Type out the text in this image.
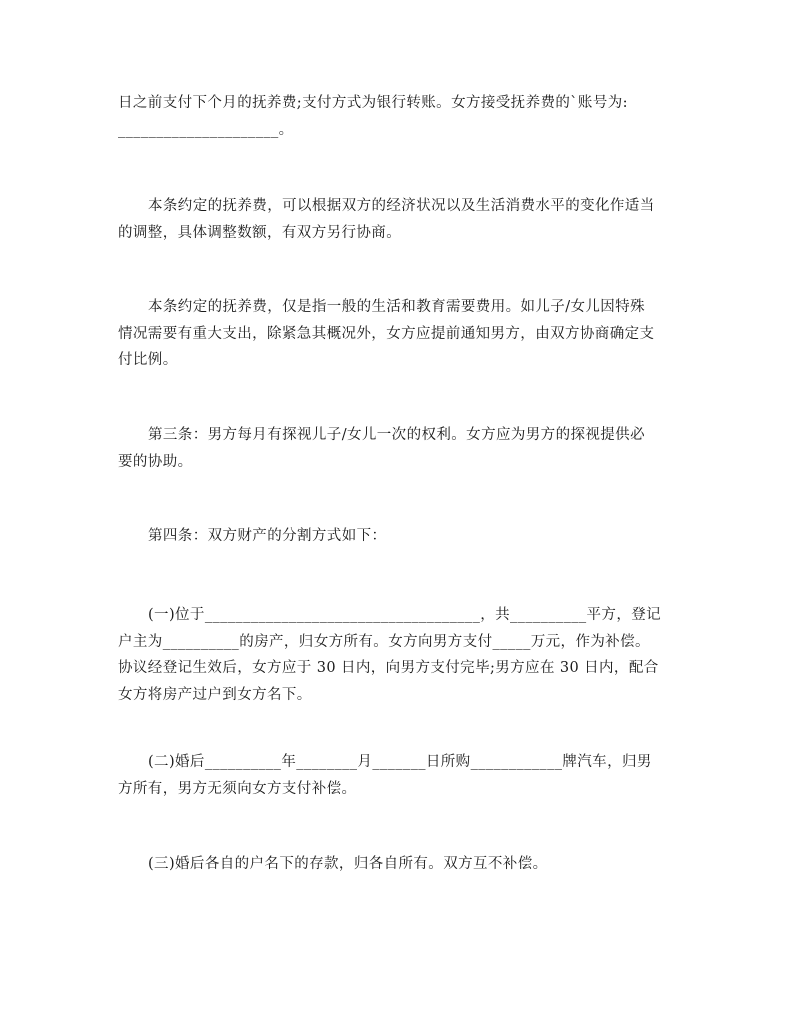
日之前支付下个月的抚养费;支付方式为银行转账。女方接受抚养费的`账号为:
_____________________。

本条约定的抚养费，可以根据双方的经济状况以及生活消费水平的变化作适当
的调整，具体调整数额，有双方另行协商。

本条约定的抚养费，仅是指一般的生活和教育需要费用。如儿子/女儿因特殊
情况需要有重大支出，除紧急其概况外，女方应提前通知男方，由双方协商确定支
付比例。

第三条：男方每月有探视儿子/女儿一次的权利。女方应为男方的探视提供必
要的协助。

第四条：双方财产的分割方式如下：

(一)位于____________________________________，共__________平方，登记
户主为__________的房产，归女方所有。女方向男方支付_____万元，作为补偿。
协议经登记生效后，女方应于 30 日内，向男方支付完毕;男方应在 30 日内，配合
女方将房产过户到女方名下。

(二)婚后__________年________月_______日所购____________牌汽车，归男
方所有，男方无须向女方支付补偿。

(三)婚后各自的户名下的存款，归各自所有。双方互不补偿。
